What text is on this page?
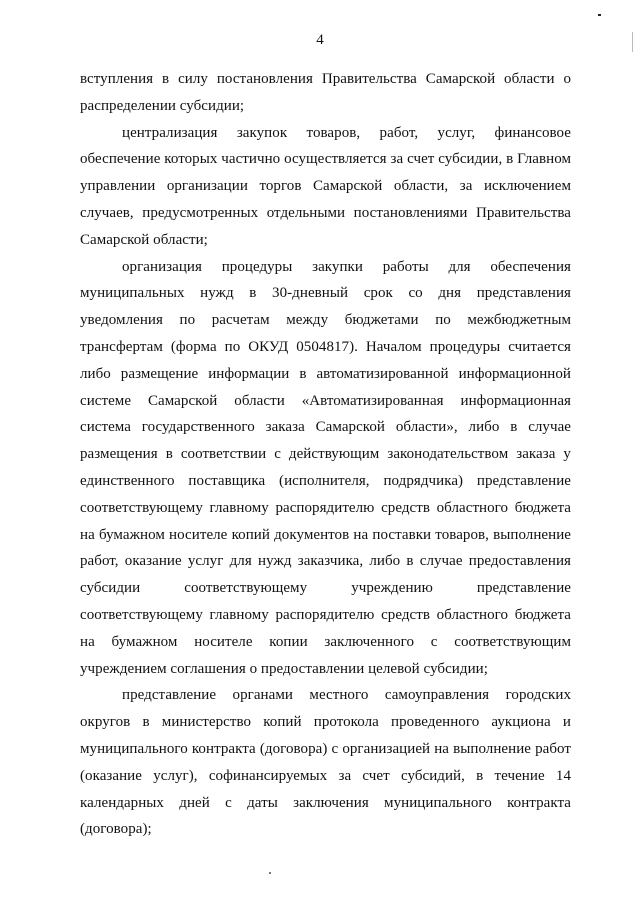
4

вступления в силу постановления Правительства Самарской области о распределении субсидии;

централизация закупок товаров, работ, услуг, финансовое обеспечение которых частично осуществляется за счет субсидии, в Главном управлении организации торгов Самарской области, за исключением случаев, предусмотренных отдельными постановлениями Правительства Самарской области;

организация процедуры закупки работы для обеспечения муниципальных нужд в 30-дневный срок со дня представления уведомления по расчетам между бюджетами по межбюджетным трансфертам (форма по ОКУД 0504817). Началом процедуры считается либо размещение информации в автоматизированной информационной системе Самарской области «Автоматизированная информационная система государственного заказа Самарской области», либо в случае размещения в соответствии с действующим законодательством заказа у единственного поставщика (исполнителя, подрядчика) представление соответствующему главному распорядителю средств областного бюджета на бумажном носителе копий документов на поставки товаров, выполнение работ, оказание услуг для нужд заказчика, либо в случае предоставления субсидии соответствующему учреждению представление соответствующему главному распорядителю средств областного бюджета на бумажном носителе копии заключенного с соответствующим учреждением соглашения о предоставлении целевой субсидии;

представление органами местного самоуправления городских округов в министерство копий протокола проведенного аукциона и муниципального контракта (договора) с организацией на выполнение работ (оказание услуг), софинансируемых за счет субсидий, в течение 14 календарных дней с даты заключения муниципального контракта (договора);
